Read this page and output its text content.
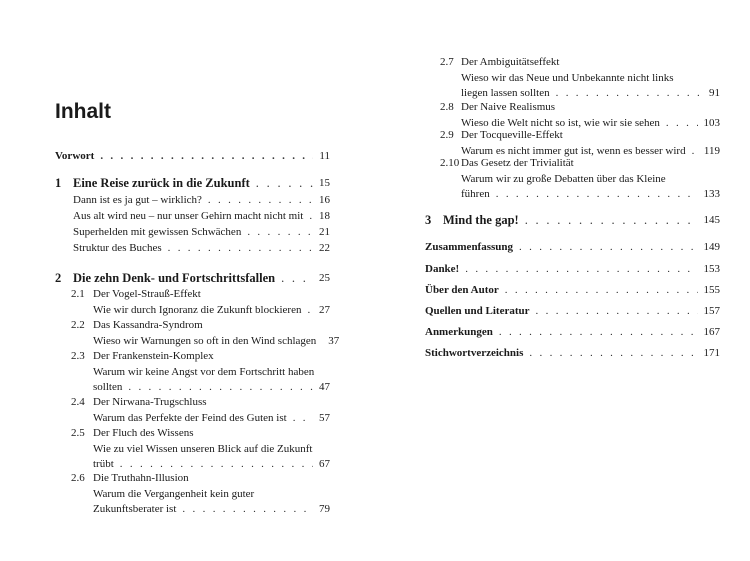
Inhalt
Vorwort . . .	11
1 Eine Reise zurück in die Zukunft . . .	15
Dann ist es ja gut – wirklich? . . .	16
Aus alt wird neu – nur unser Gehirn macht nicht mit . . . 18
Superhelden mit gewissen Schwächen . . .	21
Struktur des Buches . . .	22
2 Die zehn Denk- und Fortschrittsfallen . . .	25
2.1 Der Vogel-Strauß-Effekt
Wie wir durch Ignoranz die Zukunft blockieren . . . 27
2.2 Das Kassandra-Syndrom
Wieso wir Warnungen so oft in den Wind schlagen 37
2.3 Der Frankenstein-Komplex
Warum wir keine Angst vor dem Fortschritt haben
sollten . . .	47
2.4 Der Nirwana-Trugschluss
Warum das Perfekte der Feind des Guten ist . . .	57
2.5 Der Fluch des Wissens
Wie zu viel Wissen unseren Blick auf die Zukunft
trübt . . .	67
2.6 Die Truthahn-Illusion
Warum die Vergangenheit kein guter
Zukunftsberater ist . . .	79
2.7 Der Ambiguitätseffekt
Wieso wir das Neue und Unbekannte nicht links
liegen lassen sollten . . .	91
2.8 Der Naive Realismus
Wieso die Welt nicht so ist, wie wir sie sehen . . .	103
2.9 Der Tocqueville-Effekt
Warum es nicht immer gut ist, wenn es besser wird . . . 119
2.10 Das Gesetz der Trivialität
Warum wir zu große Debatten über das Kleine
führen . . .	133
3 Mind the gap! . . .	145
Zusammenfassung . . .	149
Danke! . . .	153
Über den Autor . . .	155
Quellen und Literatur . . .	157
Anmerkungen . . .	167
Stichwortverzeichnis . . .	171
